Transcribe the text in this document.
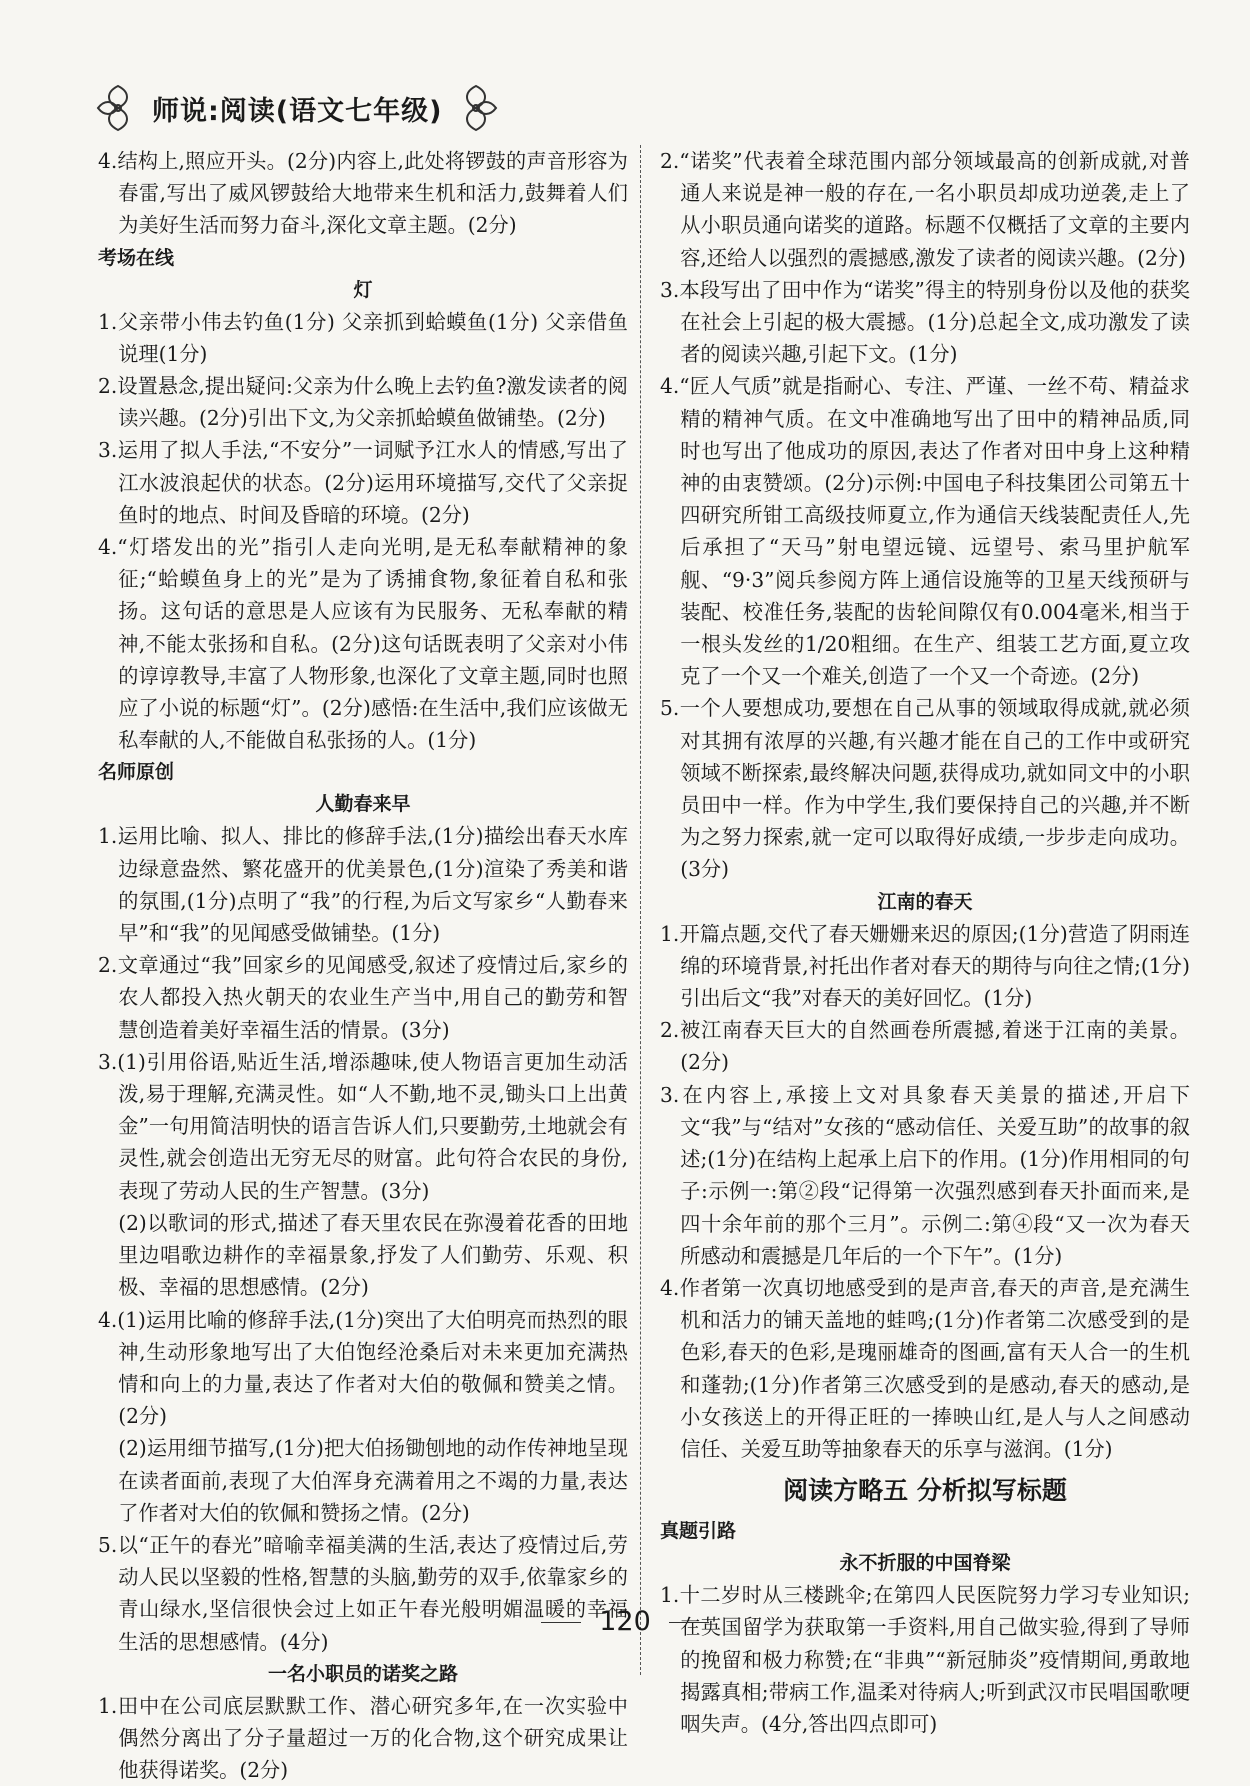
师说:阅读(语文七年级)
4.结构上,照应开头。(2分)内容上,此处将锣鼓的声音形容为春雷,写出了威风锣鼓给大地带来生机和活力,鼓舞着人们为美好生活而努力奋斗,深化文章主题。(2分)
考场在线
灯
1.父亲带小伟去钓鱼(1分) 父亲抓到蛤蟆鱼(1分) 父亲借鱼说理(1分)
2.设置悬念,提出疑问:父亲为什么晚上去钓鱼?激发读者的阅读兴趣。(2分)引出下文,为父亲抓蛤蟆鱼做铺垫。(2分)
3.运用了拟人手法,“不安分”一词赋予江水人的情感,写出了江水波浪起伏的状态。(2分)运用环境描写,交代了父亲捉鱼时的地点、时间及昏暗的环境。(2分)
4.“灯塔发出的光”指引人走向光明,是无私奉献精神的象征;“蛤蟆鱼身上的光”是为了诱捕食物,象征着自私和张扬。这句话的意思是人应该有为民服务、无私奉献的精神,不能太张扬和自私。(2分)这句话既表明了父亲对小伟的谆谆教导,丰富了人物形象,也深化了文章主题,同时也照应了小说的标题“灯”。(2分)感悟:在生活中,我们应该做无私奉献的人,不能做自私张扬的人。(1分)
名师原创
人勤春来早
1.运用比喻、拟人、排比的修辞手法,(1分)描绘出春天水库边绿意盎然、繁花盛开的优美景色,(1分)渲染了秀美和谐的氛围,(1分)点明了“我”的行程,为后文写家乡“人勤春来早”和“我”的见闻感受做铺垫。(1分)
2.文章通过“我”回家乡的见闻感受,叙述了疫情过后,家乡的农人都投入热火朝天的农业生产当中,用自己的勤劳和智慧创造着美好幸福生活的情景。(3分)
3.(1)引用俗语,贴近生活,增添趣味,使人物语言更加生动活泼,易于理解,充满灵性。如“人不勤,地不灵,锄头口上出黄金”一句用简洁明快的语言告诉人们,只要勤劳,土地就会有灵性,就会创造出无穷无尽的财富。此句符合农民的身份,表现了劳动人民的生产智慧。(3分)
(2)以歌词的形式,描述了春天里农民在弥漫着花香的田地里边唱歌边耕作的幸福景象,抒发了人们勤劳、乐观、积极、幸福的思想感情。(2分)
4.(1)运用比喻的修辞手法,(1分)突出了大伯明亮而热烈的眼神,生动形象地写出了大伯饱经沧桑后对未来更加充满热情和向上的力量,表达了作者对大伯的敬佩和赞美之情。(2分)
(2)运用细节描写,(1分)把大伯扬锄刨地的动作传神地呈现在读者面前,表现了大伯浑身充满着用之不竭的力量,表达了作者对大伯的钦佩和赞扬之情。(2分)
5.以“正午的春光”暗喻幸福美满的生活,表达了疫情过后,劳动人民以坚毅的性格,智慧的头脑,勤劳的双手,依靠家乡的青山绿水,坚信很快会过上如正午春光般明媚温暖的幸福生活的思想感情。(4分)
一名小职员的诺奖之路
1.田中在公司底层默默工作、潜心研究多年,在一次实验中偶然分离出了分子量超过一万的化合物,这个研究成果让他获得诺奖。(2分)
2.“诺奖”代表着全球范围内部分领域最高的创新成就,对普通人来说是神一般的存在,一名小职员却成功逆袭,走上了从小职员通向诺奖的道路。标题不仅概括了文章的主要内容,还给人以强烈的震撼感,激发了读者的阅读兴趣。(2分)
3.本段写出了田中作为“诺奖”得主的特别身份以及他的获奖在社会上引起的极大震撼。(1分)总起全文,成功激发了读者的阅读兴趣,引起下文。(1分)
4.“匠人气质”就是指耐心、专注、严谨、一丝不苟、精益求精的精神气质。在文中准确地写出了田中的精神品质,同时也写出了他成功的原因,表达了作者对田中身上这种精神的由衷赞颂。(2分)示例:中国电子科技集团公司第五十四研究所钳工高级技师夏立,作为通信天线装配责任人,先后承担了“天马”射电望远镜、远望号、索马里护航军舰、“9·3”阅兵参阅方阵上通信设施等的卫星天线预研与装配、校准任务,装配的齿轮间隙仅有0.004毫米,相当于一根头发丝的1/20粗细。在生产、组装工艺方面,夏立攻克了一个又一个难关,创造了一个又一个奇迹。(2分)
5.一个人要想成功,要想在自己从事的领域取得成就,就必须对其拥有浓厚的兴趣,有兴趣才能在自己的工作中或研究领域不断探索,最终解决问题,获得成功,就如同文中的小职员田中一样。作为中学生,我们要保持自己的兴趣,并不断为之努力探索,就一定可以取得好成绩,一步步走向成功。(3分)
江南的春天
1.开篇点题,交代了春天姗姗来迟的原因;(1分)营造了阴雨连绵的环境背景,衬托出作者对春天的期待与向往之情;(1分)引出后文“我”对春天的美好回忆。(1分)
2.被江南春天巨大的自然画卷所震撼,着迷于江南的美景。(2分)
3.在内容上,承接上文对具象春天美景的描述,开启下文“我”与“结对”女孩的“感动信任、关爱互助”的故事的叙述;(1分)在结构上起承上启下的作用。(1分)作用相同的句子:示例一:第②段“记得第一次强烈感到春天扑面而来,是四十余年前的那个三月”。示例二:第④段“又一次为春天所感动和震撼是几年后的一个下午”。(1分)
4.作者第一次真切地感受到的是声音,春天的声音,是充满生机和活力的铺天盖地的蛙鸣;(1分)作者第二次感受到的是色彩,春天的色彩,是瑰丽雄奇的图画,富有天人合一的生机和蓬勃;(1分)作者第三次感受到的是感动,春天的感动,是小女孩送上的开得正旺的一捧映山红,是人与人之间感动信任、关爱互助等抽象春天的乐享与滋润。(1分)
阅读方略五 分析拟写标题
真题引路
永不折服的中国脊梁
1.十二岁时从三楼跳伞;在第四人民医院努力学习专业知识;在英国留学为获取第一手资料,用自己做实验,得到了导师的挽留和极力称赞;在“非典”“新冠肺炎”疫情期间,勇敢地揭露真相;带病工作,温柔对待病人;听到武汉市民唱国歌哽咽失声。(4分,答出四点即可)
120
